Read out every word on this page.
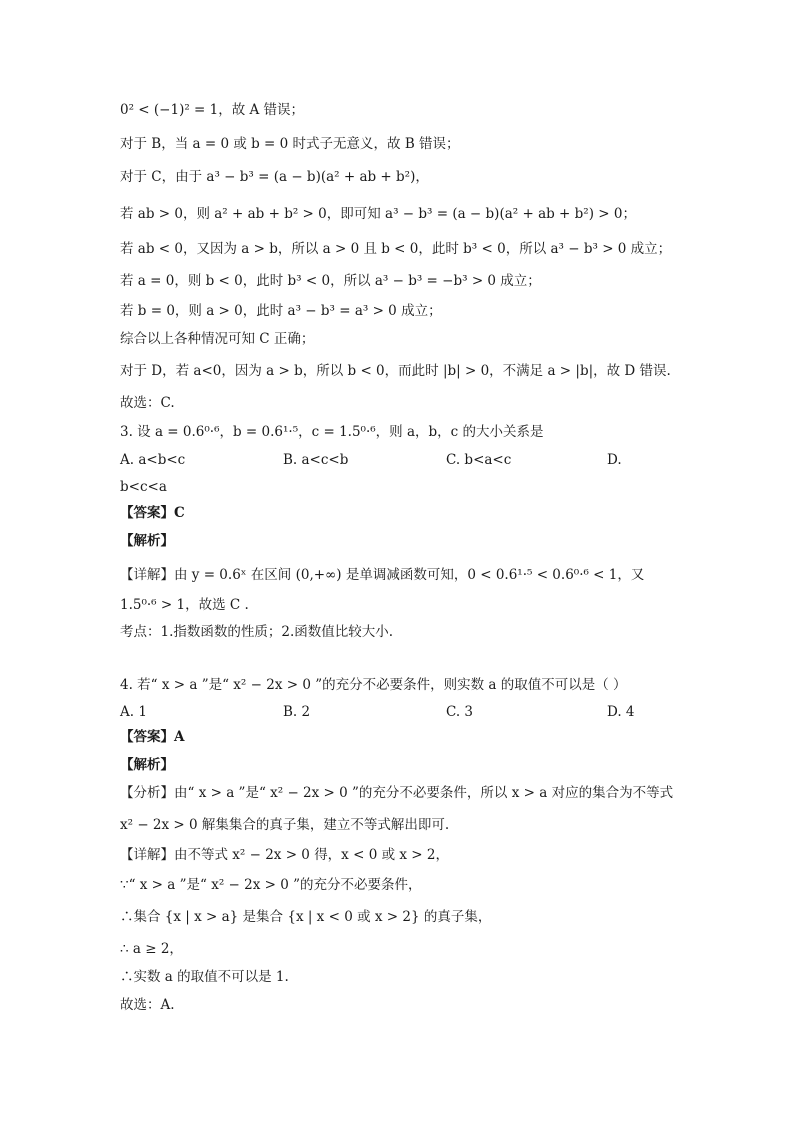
0² < (−1)² = 1，故 A 错误；
对于 B，当 a = 0 或 b = 0 时式子无意义，故 B 错误；
对于 C，由于 a³ − b³ = (a − b)(a² + ab + b²)，
若 ab > 0，则 a² + ab + b² > 0，即可知 a³ − b³ = (a − b)(a² + ab + b²) > 0；
若 ab < 0，又因为 a > b，所以 a > 0 且 b < 0，此时 b³ < 0，所以 a³ − b³ > 0 成立；
若 a = 0，则 b < 0，此时 b³ < 0，所以 a³ − b³ = −b³ > 0 成立；
若 b = 0，则 a > 0，此时 a³ − b³ = a³ > 0 成立；
综合以上各种情况可知 C 正确；
对于 D，若 a<0，因为 a > b，所以 b < 0，而此时 |b| > 0，不满足 a > |b|，故 D 错误.
故选：C.
3. 设 a = 0.6⁰·⁶，b = 0.6¹·⁵，c = 1.5⁰·⁶，则 a，b，c 的大小关系是
A. a<b<c	B. a<c<b	C. b<a<c	D.
b<c<a
【答案】C
【解析】
【详解】由 y = 0.6ˣ 在区间 (0,+∞) 是单调减函数可知，0 < 0.6¹·⁵ < 0.6⁰·⁶ < 1，又
1.5⁰·⁶ > 1，故选 C .
考点：1.指数函数的性质；2.函数值比较大小.
4. 若“ x > a ”是“ x² − 2x > 0 ”的充分不必要条件，则实数 a 的取值不可以是（ ）
A. 1	B. 2	C. 3	D. 4
【答案】A
【解析】
【分析】由“ x > a ”是“ x² − 2x > 0 ”的充分不必要条件，所以 x > a 对应的集合为不等式
x² − 2x > 0 解集集合的真子集，建立不等式解出即可.
【详解】由不等式 x² − 2x > 0 得，x < 0 或 x > 2，
∵“ x > a ”是“ x² − 2x > 0 ”的充分不必要条件，
∴集合 {x | x > a} 是集合 {x | x < 0 或 x > 2} 的真子集，
∴ a ≥ 2，
∴实数 a 的取值不可以是 1.
故选：A.
